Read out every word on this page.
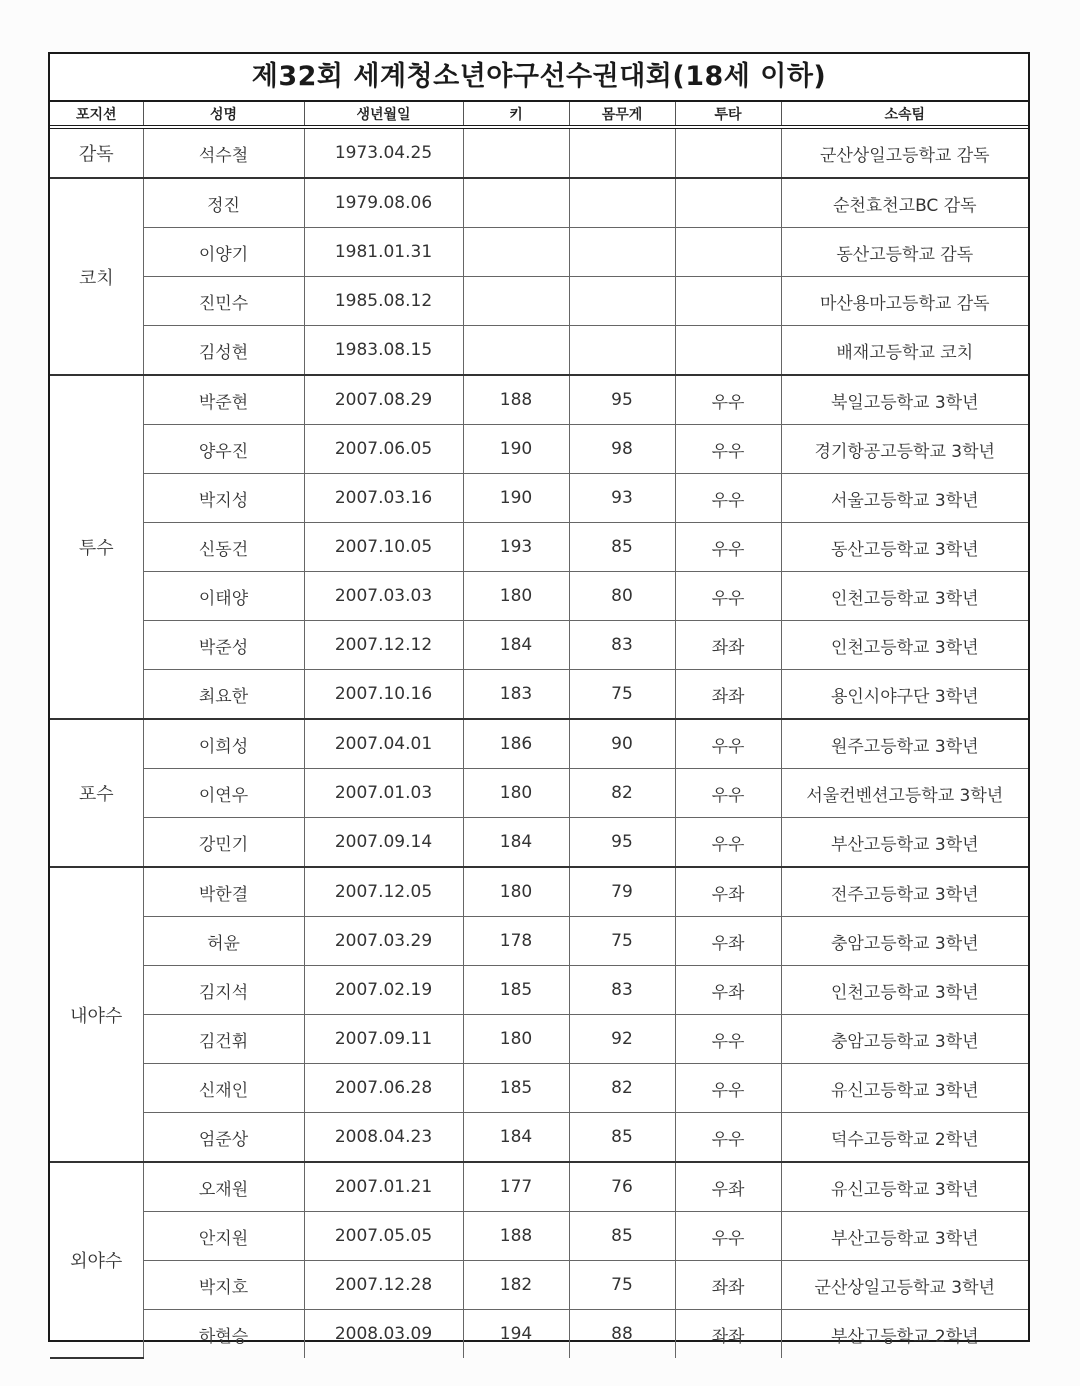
제32회 세계청소년야구선수권대회(18세 이하)
포지션	성명	생년월일	키	몸무게	투타	소속팀
감독	석수철	1973.04.25				군산상일고등학교 감독
코치	정진	1979.08.06				순천효천고BC 감독
	이양기	1981.01.31				동산고등학교 감독
	진민수	1985.08.12				마산용마고등학교 감독
	김성현	1983.08.15				배재고등학교 코치
투수	박준현	2007.08.29	188	95	우우	북일고등학교 3학년
	양우진	2007.06.05	190	98	우우	경기항공고등학교 3학년
	박지성	2007.03.16	190	93	우우	서울고등학교 3학년
	신동건	2007.10.05	193	85	우우	동산고등학교 3학년
	이태양	2007.03.03	180	80	우우	인천고등학교 3학년
	박준성	2007.12.12	184	83	좌좌	인천고등학교 3학년
	최요한	2007.10.16	183	75	좌좌	용인시야구단 3학년
포수	이희성	2007.04.01	186	90	우우	원주고등학교 3학년
	이연우	2007.01.03	180	82	우우	서울컨벤션고등학교 3학년
	강민기	2007.09.14	184	95	우우	부산고등학교 3학년
내야수	박한결	2007.12.05	180	79	우좌	전주고등학교 3학년
	허윤	2007.03.29	178	75	우좌	충암고등학교 3학년
	김지석	2007.02.19	185	83	우좌	인천고등학교 3학년
	김건휘	2007.09.11	180	92	우우	충암고등학교 3학년
	신재인	2007.06.28	185	82	우우	유신고등학교 3학년
	엄준상	2008.04.23	184	85	우우	덕수고등학교 2학년
외야수	오재원	2007.01.21	177	76	우좌	유신고등학교 3학년
	안지원	2007.05.05	188	85	우우	부산고등학교 3학년
	박지호	2007.12.28	182	75	좌좌	군산상일고등학교 3학년
	하현승	2008.03.09	194	88	좌좌	부산고등학교 2학년
